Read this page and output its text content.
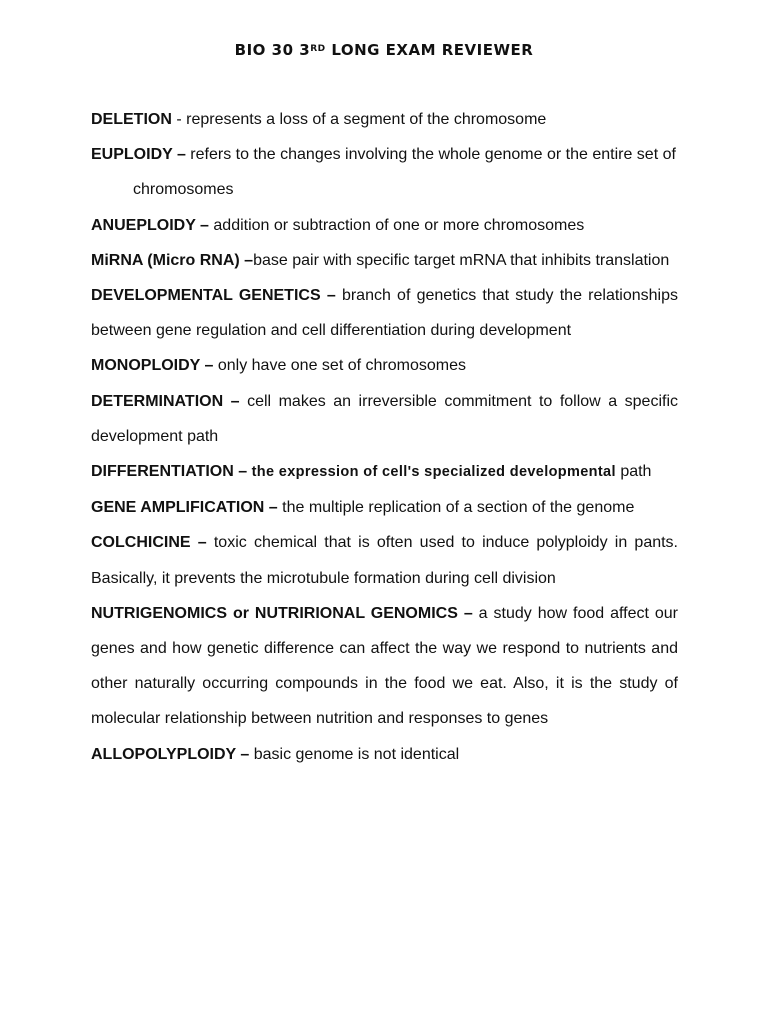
BIO 30 3RD LONG EXAM REVIEWER

DELETION - represents a loss of a segment of the chromosome

EUPLOIDY – refers to the changes involving the whole genome or the entire set ofchromosomes

ANUEPLOIDY – addition or subtraction of one or more chromosomes

MiRNA (Micro RNA) –base pair with specific target mRNA that inhibits translation

DEVELOPMENTAL GENETICS – branch of genetics that study the relationships between gene regulation and cell differentiation during development

MONOPLOIDY – only have one set of chromosomes

DETERMINATION – cell makes an irreversible commitment to follow a specific development path

DIFFERENTIATION – the expression of cell's specialized developmental path

GENE AMPLIFICATION – the multiple replication of a section of the genome

COLCHICINE – toxic chemical that is often used to induce polyploidy in pants. Basically, it prevents the microtubule formation during cell division

NUTRIGENOMICS or NUTRIRIONAL GENOMICS – a study how food affect our genes and how genetic difference can affect the way we respond to nutrients and other naturally occurring compounds in the food we eat. Also, it is the study of molecular relationship between nutrition and responses to genes

ALLOPOLYPLOIDY – basic genome is not identical
